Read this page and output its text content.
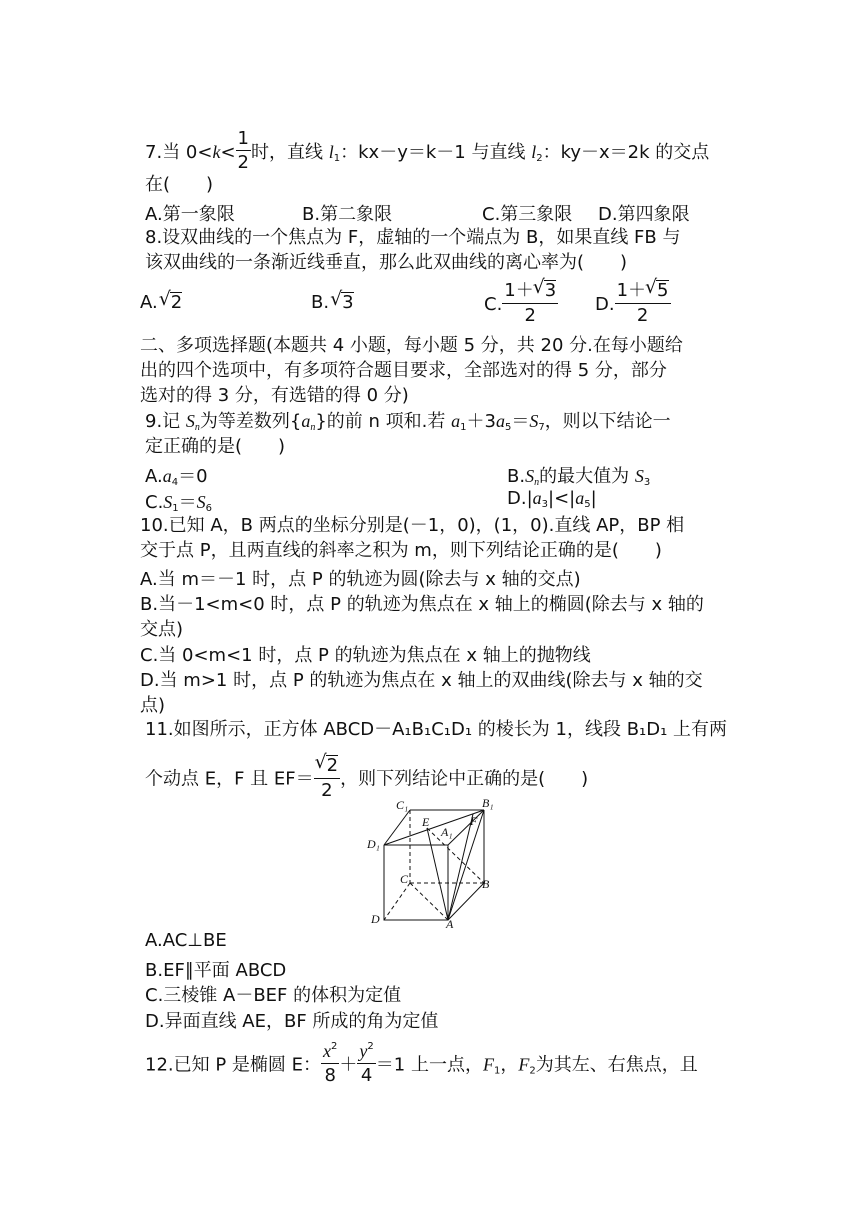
7.当 $0<k< \frac{1}{2}$ 时，直线 $l_1$：kx－y＝k－1 与直线 $l_2$：ky－x＝2k 的交点
在(　　)
A.第一象限	B.第二象限	C.第三象限 D.第四象限
8.设双曲线的一个焦点为 F，虚轴的一个端点为 B，如果直线 FB 与
该双曲线的一条渐近线垂直，那么此双曲线的离心率为(　　)
A. √ 2	B. √ 3	C. $\frac{1+ √ 3}{2} D$. $\frac{1+ √ 5}{2}$
二、多项选择题(本题共 4 小题，每小题 5 分，共 20 分.在每小题给
出的四个选项中，有多项符合题目要求，全部选对的得 5 分，部分
选对的得 3 分，有选错的得 0 分)
9.记 $S_n$为等差数列$\{a_n\}$的前 n 项和.若 $a_1+3a_5=S_7$，则以下结论一
定正确的是(　　)
$A.a_4=0$	$B.S_n$的最大值为 $S_3$
$C.S_1=S_6$	$D.|a_3|<|a_5|$
10.已知 A，B 两点的坐标分别是(－1，0)，(1，0).直线 AP，BP 相
交于点 P，且两直线的斜率之积为 m，则下列结论正确的是(　　)
A.当 m＝－1 时，点 P 的轨迹为圆(除去与 x 轴的交点)
B.当－1<m<0 时，点 P 的轨迹为焦点在 x 轴上的椭圆(除去与 x 轴的
交点)
C.当 0<m<1 时，点 P 的轨迹为焦点在 x 轴上的抛物线
D.当 m>1 时，点 P 的轨迹为焦点在 x 轴上的双曲线(除去与 x 轴的交
点)
11.如图所示，正方体 ABCD－A₁B₁C₁D₁ 的棱长为 1，线段 B₁D₁ 上有两
个动点 E，F 且 EF＝ √ $\frac{2}{2}$ ，则下列结论中正确的是(　　)
C₁	B₁
E
A₁
F
D₁
C	B
D	A
A.AC⊥BE
B.EF∥平面 ABCD
C.三棱锥 A－BEF 的体积为定值
D.异面直线 AE，BF 所成的角为定值
12.已知 P 是椭圆 E： $\frac{x^2}{8} + \frac{y^2}{4} =1$ 上一点，$F_1$，$F_2$为其左、右焦点，且
